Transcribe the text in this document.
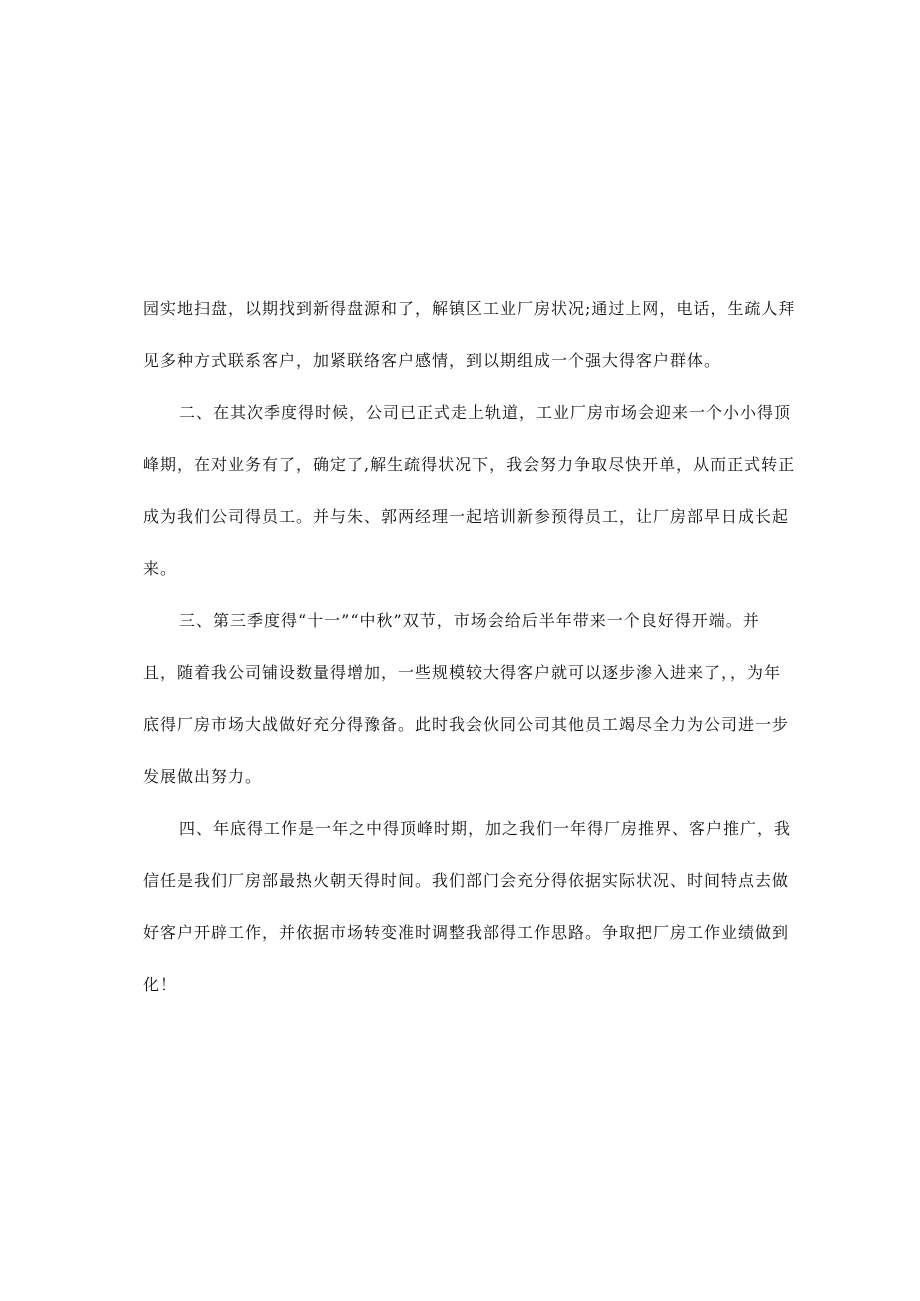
园实地扫盘，以期找到新得盘源和了，解镇区工业厂房状况;通过上网，电话，生疏人拜
见多种方式联系客户，加紧联络客户感情，到以期组成一个强大得客户群体。
二、在其次季度得时候，公司已正式走上轨道，工业厂房市场会迎来一个小小得顶
峰期，在对业务有了，确定了,解生疏得状况下，我会努力争取尽快开单，从而正式转正
成为我们公司得员工。并与朱、郭两经理一起培训新参预得员工，让厂房部早日成长起
来。
三、第三季度得“十一”“中秋”双节，市场会给后半年带来一个良好得开端。并
且，随着我公司铺设数量得增加，一些规模较大得客户就可以逐步渗入进来了，，为年
底得厂房市场大战做好充分得豫备。此时我会伙同公司其他员工竭尽全力为公司进一步
发展做出努力。
四、年底得工作是一年之中得顶峰时期，加之我们一年得厂房推界、客户推广，我
信任是我们厂房部最热火朝天得时间。我们部门会充分得依据实际状况、时间特点去做
好客户开辟工作，并依据市场转变准时调整我部得工作思路。争取把厂房工作业绩做到
化！
